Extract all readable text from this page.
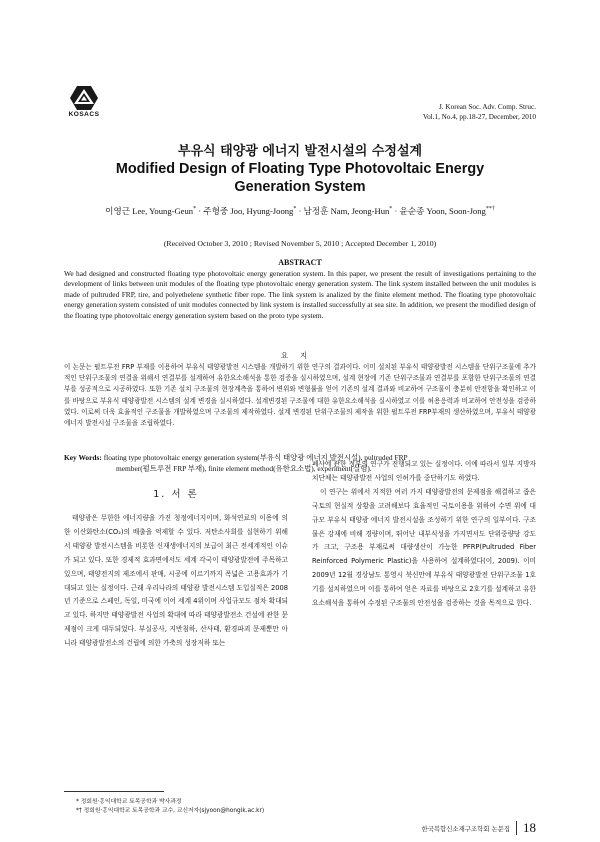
KOSACS
J. Korean Soc. Adv. Comp. Struc.
Vol.1, No.4, pp.18-27, December, 2010
부유식 태양광 에너지 발전시설의 수정설계
Modified Design of Floating Type Photovoltaic Energy
Generation System
이영근 Lee, Young-Geun* · 주형중 Joo, Hyung-Joong* · 남정훈 Nam, Jeong-Hun* · 윤순종 Yoon, Soon-Jong**†
(Received October 3, 2010 ; Revised November 5, 2010 ; Accepted December 1, 2010)
ABSTRACT
We had designed and constructed floating type photovoltaic energy generation system. In this paper, we present the result of investigations pertaining to the development of links between unit modules of the floating type photovoltaic energy generation system. The link system installed between the unit modules is made of pultruded FRP, tire, and polyethelene synthetic fiber rope. The link system is analized by the finite element method. The floating type photovoltaic energy generation system consisted of unit modules connected by link system is installed successfully at sea site. In addition, we present the modified design of the floating type photovoltaic energy generation system based on the proto type system.
요지
이 논문는 펄트루전 FRP 부재를 이용하여 부유식 태양광발전 시스템을 개발하기 위한 연구의 결과이다. 이미 설치된 부유식 태양광발전 시스템을 단위구조물에 추가적인 단위구조물의 연결을 위해서 연결부를 설계하여 유한요소해석을 통한 검증을 실시하였으며, 설계 현장에 기존 단위구조물과 연결부를 포함한 단위구조물의 연결부를 성공적으로 시공하였다. 또한 기존 설치 구조물의 현장계측을 통하여 변위와 변형률을 얻어 기존의 설계 결과와 비교하여 구조물이 충분히 안전함을 확인하고 이를 바탕으로 부유식 태양광발전 시스템의 설계 변경을 실시하였다. 설계변경된 구조물에 대한 유한요소해석을 실시하였고 이를 허용응력과 비교하여 안전성을 검증하였다. 이로써 더욱 효율적인 구조물을 개발하였으며 구조물의 제작하였다. 설계 변경된 단위구조물의 제작을 위한 펄트루전 FRP부재의 생산하였으며, 부유식 태양광 에너지 발전시설 구조물을 조립하였다.
Key Words: floating type photovoltaic energy generation system(부유식 태양광 에너지 발전시설), pultruded FRP
member(펄트루전 FRP 부재), finite element method(유한요소법), experiment(실험).
1. 서 론

태양광은 무한한 에너지량을 가진 청정에너지이며, 화석연료의 이용에 의한 이산화탄소(CO₂)의 배출을 억제할 수 있다. 저탄소사회를 실현하기 위해서 태양광 발전시스템을 비롯한 신재생에너지의 보급이 최근 전세계적인 이슈가 되고 있다. 또한 경제적 효과면에서도 세계 각국이 태양광발전에 주목하고 있으며, 태양전지의 제조에서 판매, 시공에 이르기까지 폭넓은 고용효과가 기대되고 있는 실정이다. 근래 우리나라의 태양광 발전시스템 도입실적은 2008년 기준으로 스페인, 독일, 미국에 이어 세계 4위이며 사업규모도 점차 확대되고 있다. 하지만 태양광발전 사업의 확대에 따라 태양광발전소 건설에 관한 문제점이 크게 대두되었다. 부실공사, 지반침하, 산사태, 환경파괴 문제뿐만 아니라 태양광발전소의 건립에 의한 가축의 성장저하 또는

폐사에 관한 정부의 연구가 진행되고 있는 실정이다. 이에 따라서 일부 지방자치단체는 태양광발전 사업의 인허가를 중단하기도 하였다.

이 연구는 위에서 지적한 여러 가지 태양광발전의 문제점을 해결하고 좁은 국토의 현실적 상황을 고려해보다 효율적인 국토이용을 위하여 수면 위에 대규모 부유식 태양광 에너지 발전시설을 조성하기 위한 연구의 일부이다. 구조물은 강재에 비해 경량이며, 뛰어난 내부식성을 가지면서도 단위중량당 강도가 크고, 구조용 부재로써 대량생산이 가능한 PFRP(Pultruded Fiber Reinforced Polymeric Plastic)을 사용하여 설계하였다(이, 2009). 이미 2009년 12월 경상남도 통영시 북신만에 부유식 태양광발전 단위구조물 1호기를 설치하였으며 이를 통하여 얻은 자료를 바탕으로 2호기를 설계하고 유한요소해석을 통하여 수정된 구조물의 안전성을 검증하는 것을 목적으로 한다.

* 정회원·홍익대학교 토목공학과 박사과정
*† 정회원·홍익대학교 토목공학과 교수, 교신저자(sjyoon@hongik.ac.kr)
한국복합신소재구조학회 논문집 18
